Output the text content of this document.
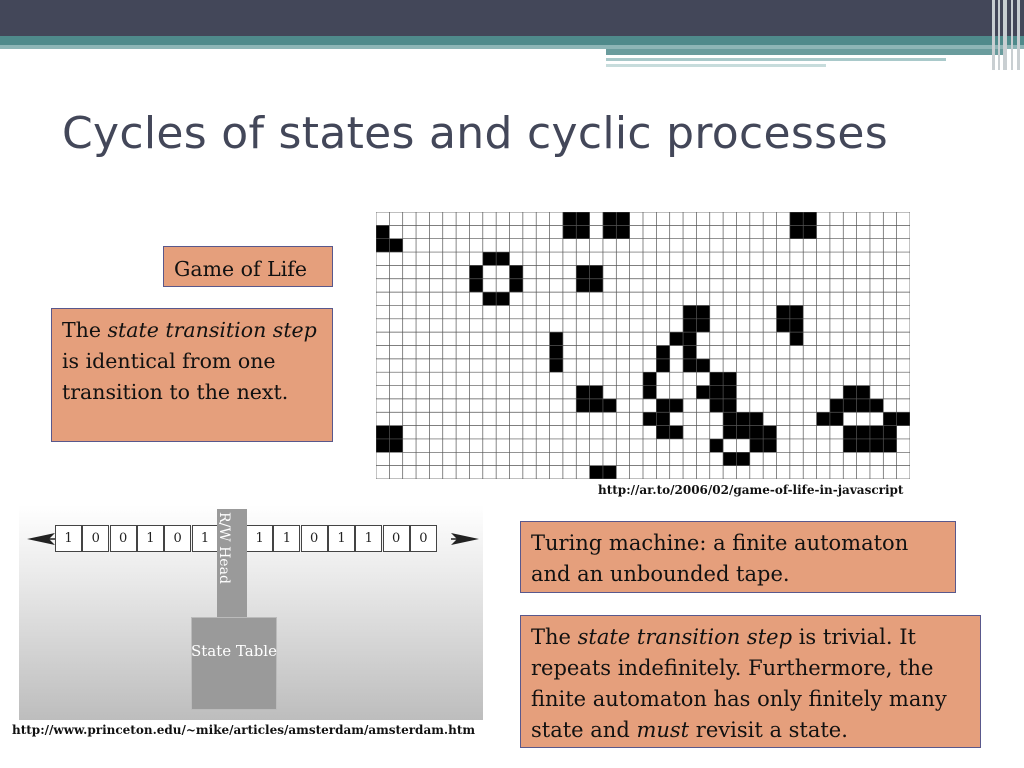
Cycles of states and cyclic processes
Game of Life
The state transition step is identical from one transition to the next.
http://ar.to/2006/02/game-of-life-in-javascript
1	0	0	1	0	1	1	1	0	1	1	0	0
R/W Head
State Table
http://www.princeton.edu/~mike/articles/amsterdam/amsterdam.htm
Turing machine: a finite automaton and an unbounded tape.
The state transition step is trivial. It repeats indefinitely. Furthermore, the finite automaton has only finitely many state and must revisit a state.
